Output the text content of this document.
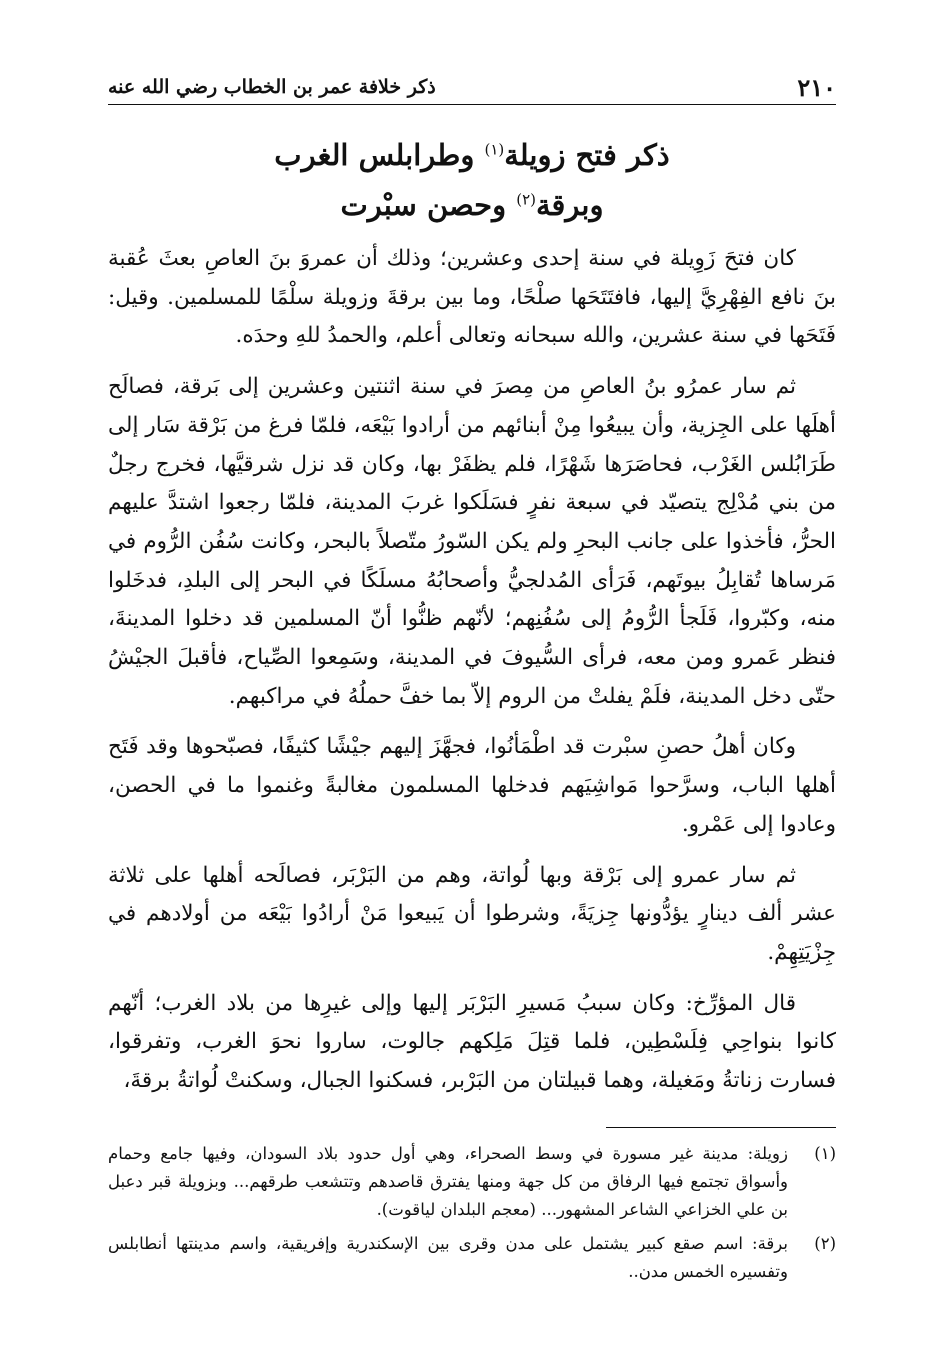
٢١٠
ذكر خلافة عمر بن الخطاب رضي الله عنه
ذكر فتح زويلة$^{(١)}$ وطرابلس الغرب
وبرقة$^{(٢)}$ وحصن سبْرت

كان فتحَ زَوِيلة في سنة إحدى وعشرين؛ وذلك أن عمروَ بنَ العاصِ بعثَ عُقبة بنَ نافع الفِهْرِيَّ إليها، فافتَتَحَها صلْحًا، وما بين برقةَ وزويلة سلْمًا للمسلمين. وقيل: فَتَحَها في سنة عشرين، والله سبحانه وتعالى أعلم، والحمدُ للهِ وحدَه.

ثم سار عمرُو بنُ العاصِ من مِصرَ في سنة اثنتين وعشرين إلى بَرقة، فصالَح أهلَها على الجِزية، وأن يبيعُوا مِنْ أبنائهم من أرادوا بَيْعَه، فلمّا فرغ من بَرْقة سَار إلى طَرَابُلس الغَرْب، فحاصَرَها شَهْرًا، فلم يظفَرْ بها، وكان قد نزل شرقيَّها، فخرج رجلٌ من بني مُدْلِج يتصيّد في سبعة نفرٍ فسَلَكوا غربَ المدينة، فلمّا رجعوا اشتدَّ عليهم الحرُّ، فأخذوا على جانب البحرِ ولم يكن السّورُ متّصلاً بالبحر، وكانت سُفُن الرُّوم في مَرساها تُقابِلُ بيوتَهم، فَرَأى المُدلجيُّ وأصحابُهُ مسلَكًا في البحر إلى البلدِ، فدخَلوا منه، وكبّروا، فَلَجأ الرُّومُ إلى سُفُنِهم؛ لأنّهم ظنُّوا أنّ المسلمين قد دخلوا المدينةَ، فنظر عَمرو ومن معه، فرأى السُّيوفَ في المدينة، وسَمِعوا الصِّياح، فأقبلَ الجيْشُ حتّى دخل المدينة، فلَمْ يفلتْ من الروم إلاّ بما خفَّ حملُهُ في مراكبهم.

وكان أهلُ حصنِ سبْرت قد اطْمَأنُوا، فجهَّزَ إليهم جيْشًا كثيفًا، فصبّحوها وقد فَتَح أهلها الباب، وسرَّحوا مَواشِيَهم فدخلها المسلمون مغالبةً وغنموا ما في الحصن، وعادوا إلى عَمْرو.

ثم سار عمرو إلى بَرْقة وبها لُواتة، وهم من البَرْبَر، فصالَحه أهلها على ثلاثة عشر ألف دينارٍ يؤدُّونها جِزيَةً، وشرطوا أن يَبيعوا مَنْ أرادُوا بَيْعَه من أولادهم في جِزْيَتِهِمْ.

قال المؤرِّخ: وكان سببُ مَسيرِ البَرْبَر إليها وإلى غيرِها من بلاد الغرب؛ أنّهم كانوا بنواحِي فِلَسْطِين، فلما قتِلَ مَلِكهم جالوت، ساروا نحوَ الغرب، وتفرقوا، فسارت زناتةُ ومَغيلة، وهما قبيلتان من البَرْبر، فسكنوا الجبال، وسكنتْ لُواتةُ برقةَ،

(١)
زويلة: مدينة غير مسورة في وسط الصحراء، وهي أول حدود بلاد السودان، وفيها جامع وحمام وأسواق تجتمع فيها الرفاق من كل جهة ومنها يفترق قاصدهم وتتشعب طرقهم... وبزويلة قبر دعبل بن علي الخزاعي الشاعر المشهور... (معجم البلدان لياقوت).
(٢)
برقة: اسم صقع كبير يشتمل على مدن وقرى بين الإسكندرية وإفريقية، واسم مدينتها أنطابلس وتفسيره الخمس مدن..
